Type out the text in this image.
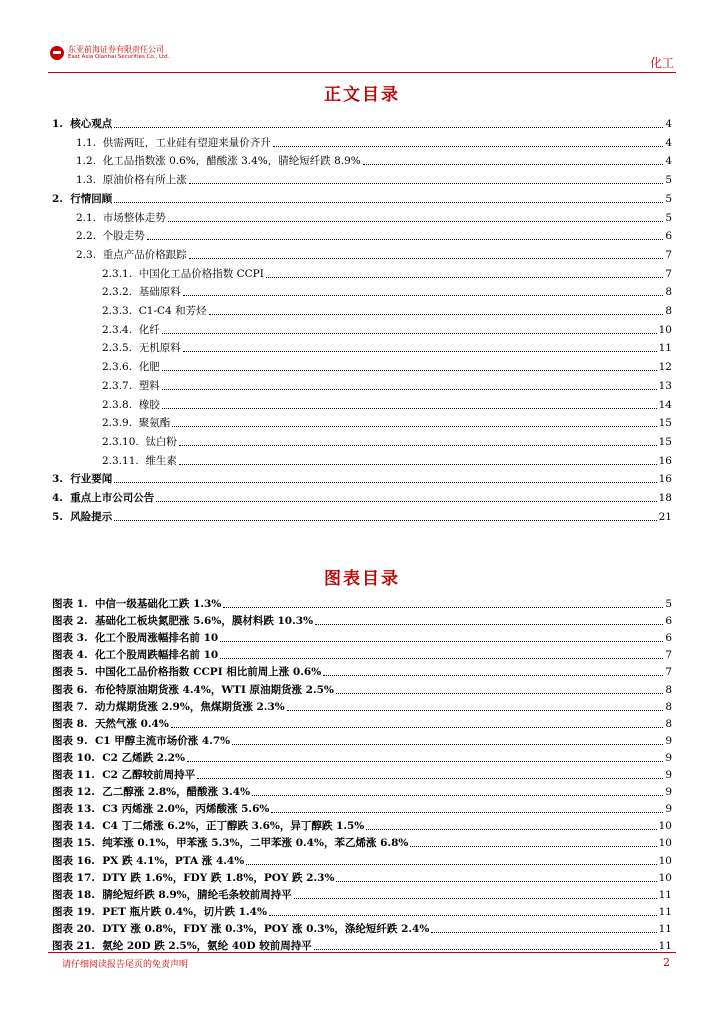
东亚前海证券有限责任公司
East Asia Qianhai Securities Co., Ltd.	化工
正文目录
1. 核心观点	4
1.1. 供需两旺，工业硅有望迎来量价齐升	4
1.2. 化工品指数涨 0.6%，醋酸涨 3.4%，腈纶短纤跌 8.9%	4
1.3. 原油价格有所上涨	5
2. 行情回顾	5
2.1. 市场整体走势	5
2.2. 个股走势	6
2.3. 重点产品价格跟踪	7
2.3.1. 中国化工品价格指数 CCPI	7
2.3.2. 基础原料	8
2.3.3. C1-C4 和芳烃	8
2.3.4. 化纤	10
2.3.5. 无机原料	11
2.3.6. 化肥	12
2.3.7. 塑料	13
2.3.8. 橡胶	14
2.3.9. 聚氨酯	15
2.3.10. 钛白粉	15
2.3.11. 维生素	16
3. 行业要闻	16
4. 重点上市公司公告	18
5. 风险提示	21
图表目录
图表 1. 中信一级基础化工跌 1.3%	5
图表 2. 基础化工板块氮肥涨 5.6%，膜材料跌 10.3%	6
图表 3. 化工个股周涨幅排名前 10	6
图表 4. 化工个股周跌幅排名前 10	7
图表 5. 中国化工品价格指数 CCPI 相比前周上涨 0.6%	7
图表 6. 布伦特原油期货涨 4.4%，WTI 原油期货涨 2.5%	8
图表 7. 动力煤期货涨 2.9%，焦煤期货涨 2.3%	8
图表 8. 天然气涨 0.4%	8
图表 9. C1 甲醇主流市场价涨 4.7%	9
图表 10. C2 乙烯跌 2.2%	9
图表 11. C2 乙醇较前周持平	9
图表 12. 乙二醇涨 2.8%，醋酸涨 3.4%	9
图表 13. C3 丙烯涨 2.0%，丙烯酸涨 5.6%	9
图表 14. C4 丁二烯涨 6.2%，正丁醇跌 3.6%，异丁醇跌 1.5%	10
图表 15. 纯苯涨 0.1%，甲苯涨 5.3%，二甲苯涨 0.4%，苯乙烯涨 6.8%	10
图表 16. PX 跌 4.1%，PTA 涨 4.4%	10
图表 17. DTY 跌 1.6%，FDY 跌 1.8%，POY 跌 2.3%	10
图表 18. 腈纶短纤跌 8.9%，腈纶毛条较前周持平	11
图表 19. PET 瓶片跌 0.4%，切片跌 1.4%	11
图表 20. DTY 涨 0.8%，FDY 涨 0.3%，POY 涨 0.3%，涤纶短纤跌 2.4%	11
图表 21. 氨纶 20D 跌 2.5%，氨纶 40D 较前周持平	11
请仔细阅读报告尾页的免责声明	2
